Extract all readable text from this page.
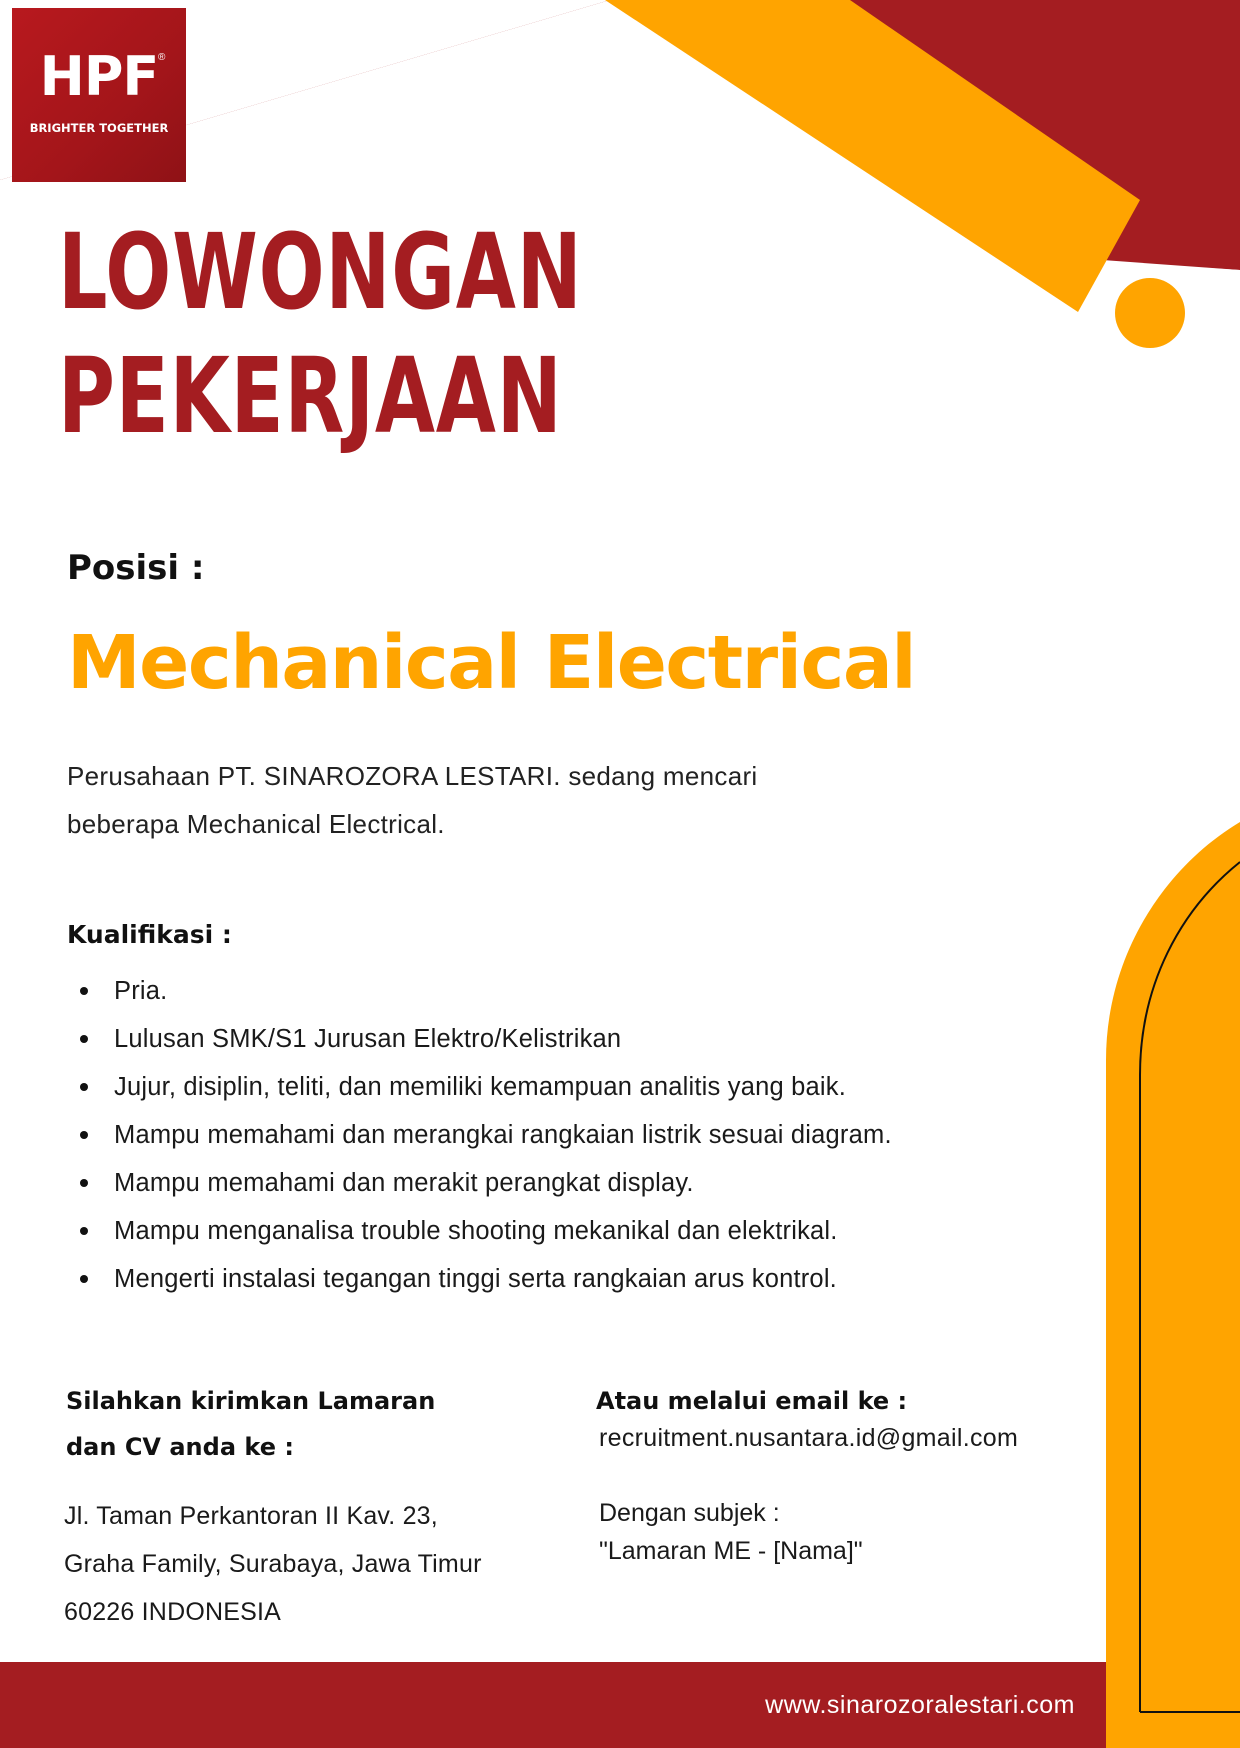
HPF ®
BRIGHTER TOGETHER
LOWONGAN
PEKERJAAN
Posisi :
Mechanical Electrical
Perusahaan PT. SINAROZORA LESTARI. sedang mencari
beberapa Mechanical Electrical.
Kualifikasi :
Pria.
Lulusan SMK/S1 Jurusan Elektro/Kelistrikan
Jujur, disiplin, teliti, dan memiliki kemampuan analitis yang baik.
Mampu memahami dan merangkai rangkaian listrik sesuai diagram.
Mampu memahami dan merakit perangkat display.
Mampu menganalisa trouble shooting mekanikal dan elektrikal.
Mengerti instalasi tegangan tinggi serta rangkaian arus kontrol.
Silahkan kirimkan Lamaran
dan CV anda ke :
Jl. Taman Perkantoran II Kav. 23,
Graha Family, Surabaya, Jawa Timur
60226 INDONESIA
Atau melalui email ke :
recruitment.nusantara.id@gmail.com
Dengan subjek :
"Lamaran ME - [Nama]"
www.sinarozoralestari.com
